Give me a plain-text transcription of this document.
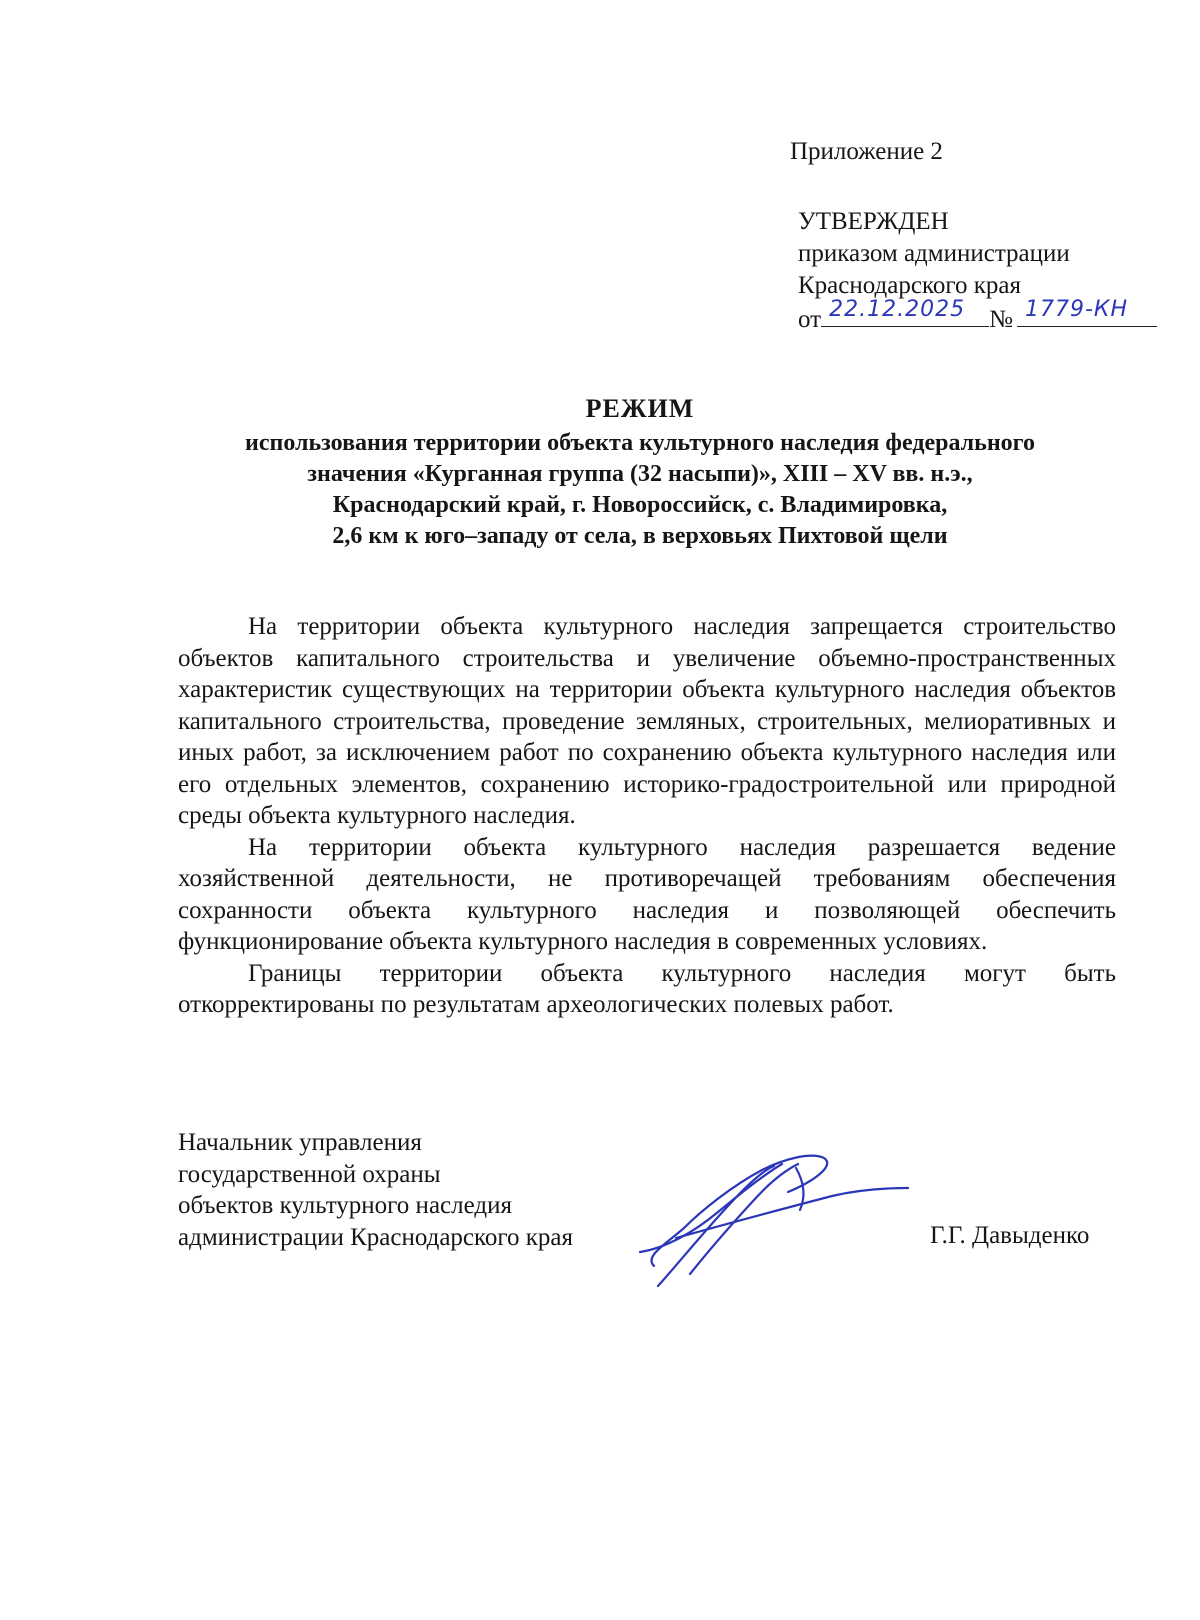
Приложение 2
УТВЕРЖДЕН
приказом администрации
Краснодарского края
от 22.12.2025 № 1779-КН
РЕЖИМ
использования территории объекта культурного наследия федерального
значения «Курганная группа (32 насыпи)», XIII – XV вв. н.э.,
Краснодарский край, г. Новороссийск, с. Владимировка,
2,6 км к юго–западу от села, в верховьях Пихтовой щели

На территории объекта культурного наследия запрещается строительство объектов капитального строительства и увеличение объемно-пространственных характеристик существующих на территории объекта культурного наследия объектов капитального строительства, проведение земляных, строительных, мелиоративных и иных работ, за исключением работ по сохранению объекта культурного наследия или его отдельных элементов, сохранению историко-градостроительной или природной среды объекта культурного наследия.

На территории объекта культурного наследия разрешается ведение хозяйственной деятельности, не противоречащей требованиям обеспечения сохранности объекта культурного наследия и позволяющей обеспечить функционирование объекта культурного наследия в современных условиях.

Границы территории объекта культурного наследия могут быть откорректированы по результатам археологических полевых работ.

Начальник управления
государственной охраны
объектов культурного наследия
администрации Краснодарского края	Г.Г. Давыденко
